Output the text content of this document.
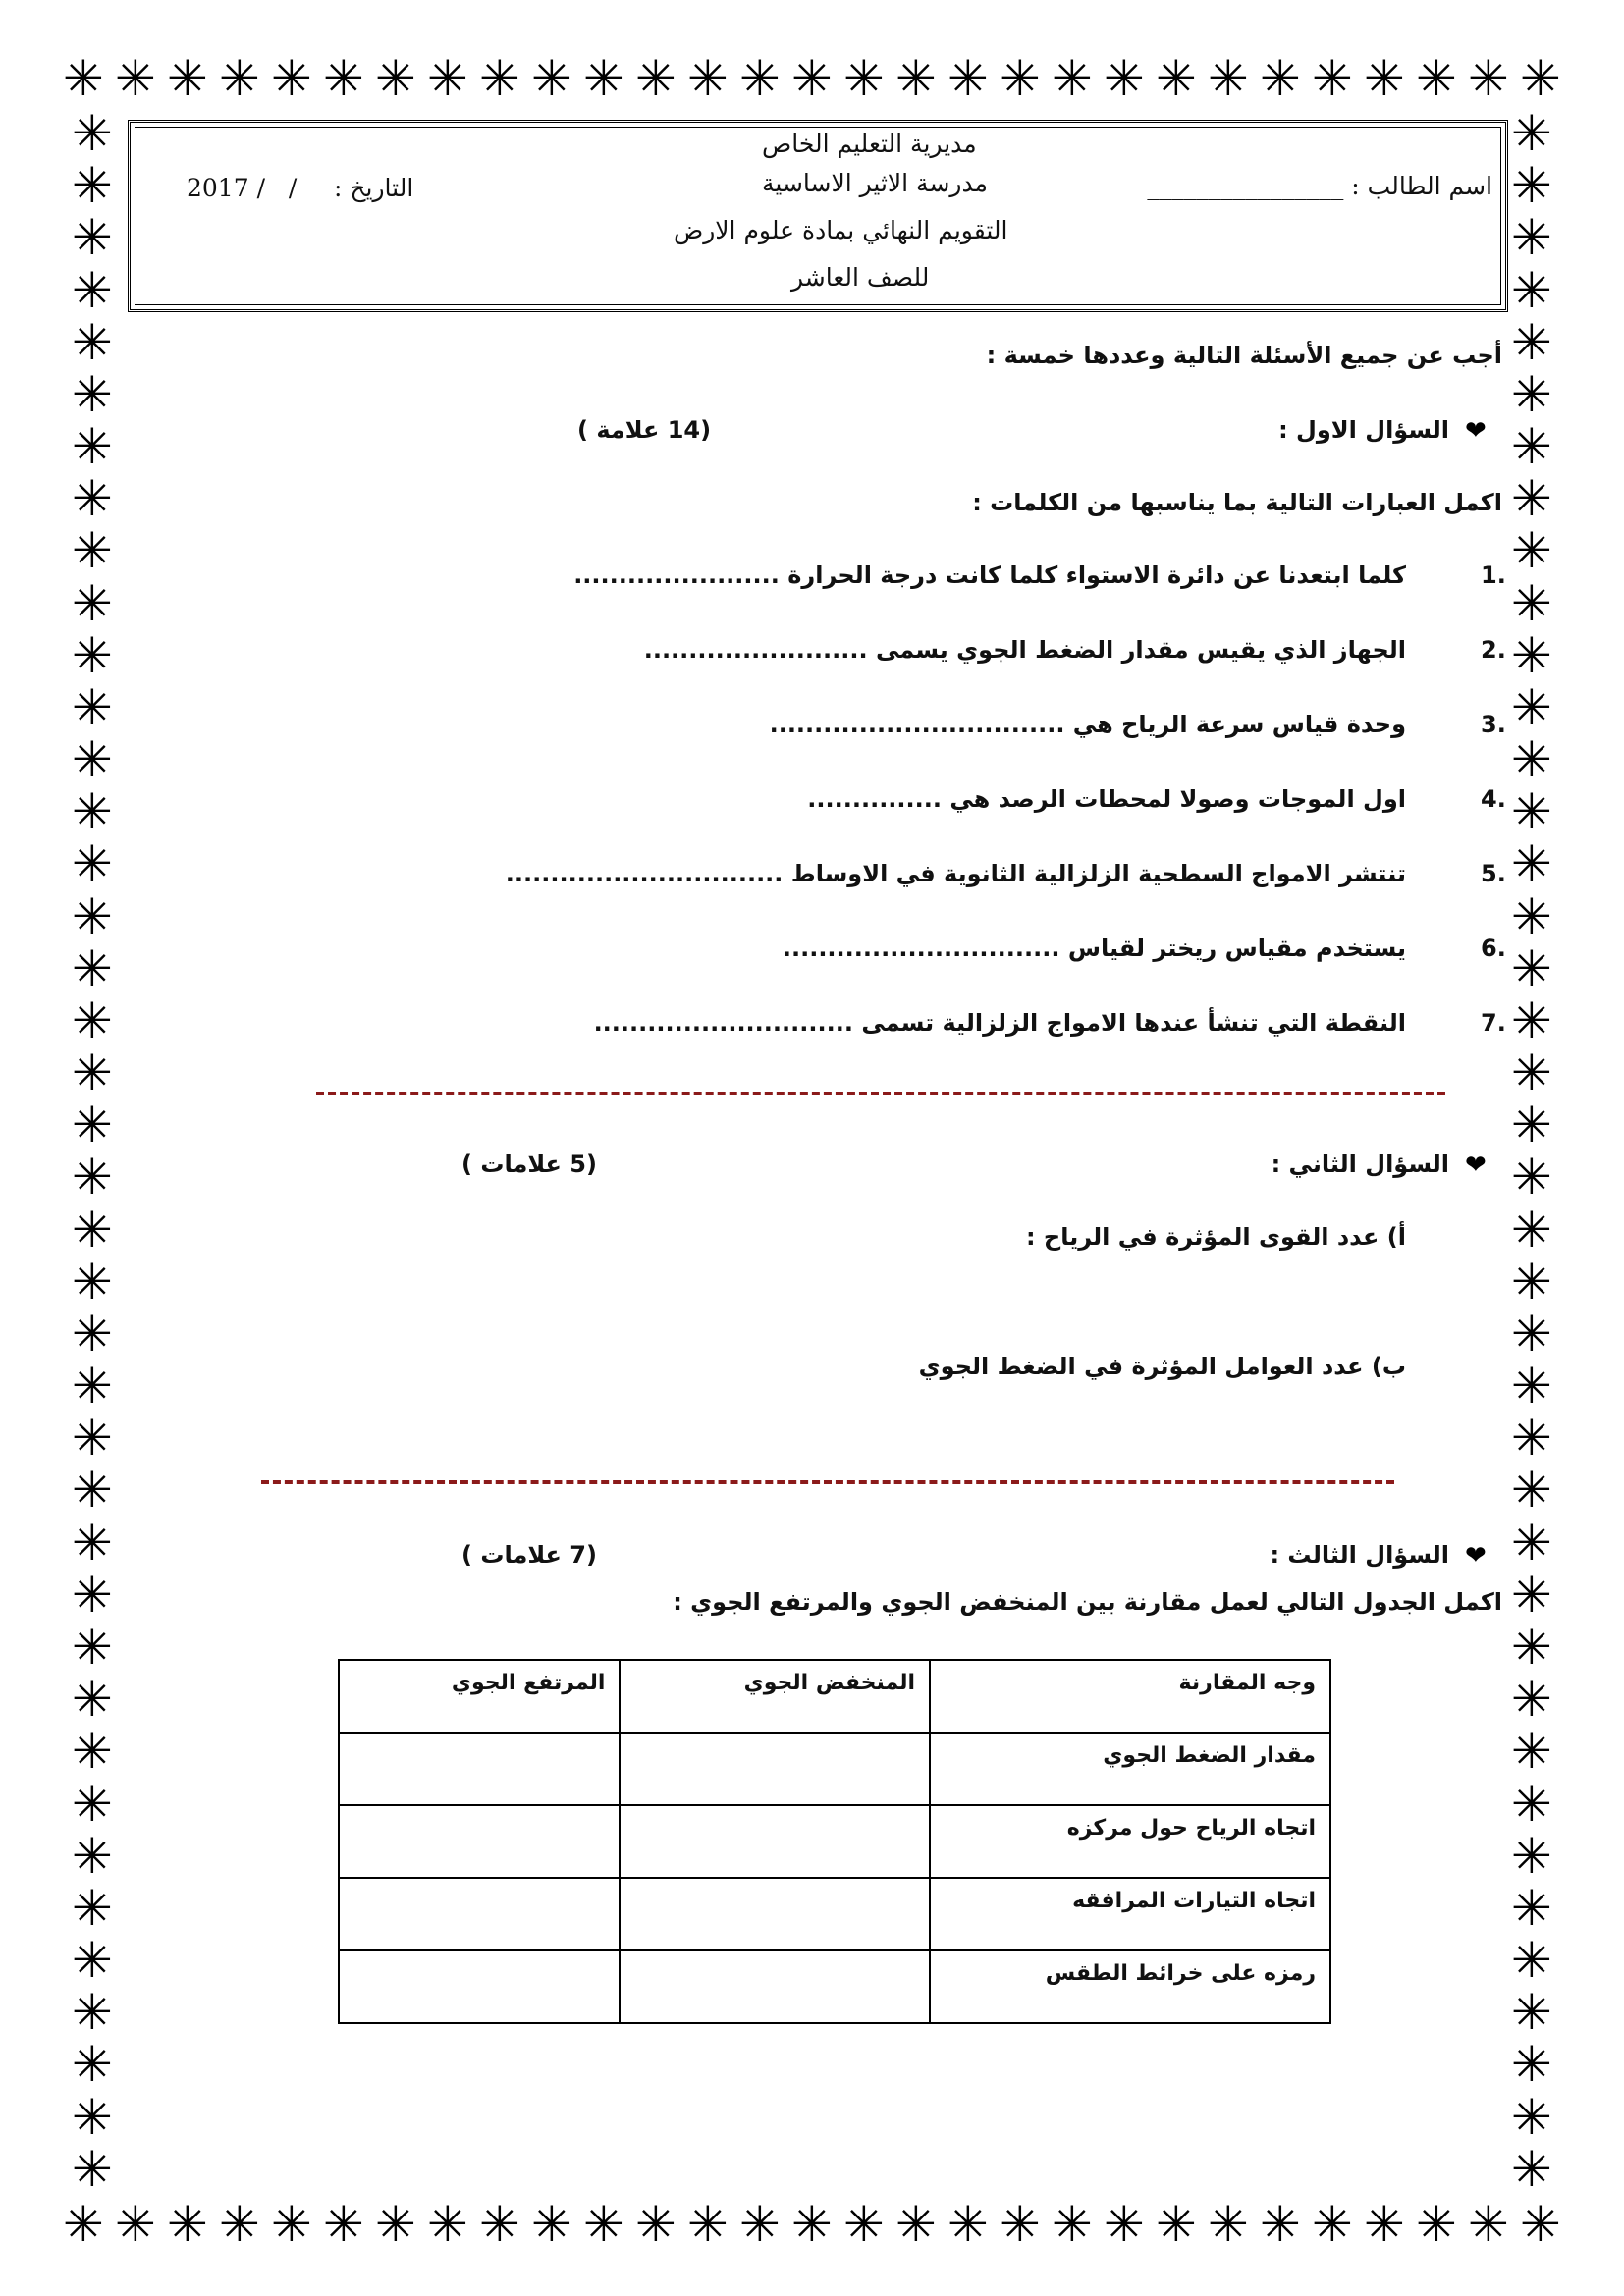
✳ ✳ ✳ ✳ ✳ ✳ ✳ ✳ ✳ ✳ ✳ ✳ ✳ ✳ ✳ ✳ ✳ ✳ ✳ ✳ ✳ ✳ ✳ ✳ ✳ ✳ ✳ ✳ ✳
✳ ✳ ✳ ✳ ✳ ✳ ✳ ✳ ✳ ✳ ✳ ✳ ✳ ✳ ✳ ✳ ✳ ✳ ✳ ✳ ✳ ✳ ✳ ✳ ✳ ✳ ✳ ✳ ✳
✳
✳
✳
✳
✳
✳
✳
✳
✳
✳
✳
✳
✳
✳
✳
✳
✳
✳
✳
✳
✳
✳
✳
✳
✳
✳
✳
✳
✳
✳
✳
✳
✳
✳
✳
✳
✳
✳
✳
✳
✳
✳
✳
✳
✳
✳
✳
✳
✳
✳
✳
✳
✳
✳
✳
✳
✳
✳
✳
✳
✳
✳
✳
✳
✳
✳
✳
✳
✳
✳
✳
✳
✳
✳
✳
✳
✳
✳
✳
✳
مديرية التعليم الخاص
مدرسة الاثير الاساسية
التقويم النهائي بمادة علوم الارض
للصف العاشر
اسم الطالب : ________________
التاريخ :
2017 /   /
أجب عن جميع الأسئلة التالية وعددها خمسة :
❤
السؤال الاول :
(14 علامة )
اكمل العبارات التالية بما يناسبها من الكلمات :
1.
كلما ابتعدنا عن دائرة الاستواء كلما كانت درجة الحرارة .......................
2.
الجهاز الذي يقيس مقدار الضغط الجوي يسمى .........................
3.
وحدة قياس سرعة الرياح هي .................................
4.
اول الموجات وصولا لمحطات الرصد هي ...............
5.
تنتشر الامواج السطحية الزلزالية الثانوية في الاوساط ...............................
6.
يستخدم مقياس ريختر لقياس ...............................
7.
النقطة التي تنشأ عندها الامواج الزلزالية تسمى .............................
❤
السؤال الثاني :
(5 علامات )
أ) عدد القوى المؤثرة في الرياح :
ب) عدد العوامل المؤثرة في الضغط الجوي
❤
السؤال الثالث :
(7 علامات )
اكمل الجدول التالي لعمل مقارنة بين المنخفض الجوي والمرتفع الجوي :
وجه المقارنة	المنخفض الجوي	المرتفع الجوي
مقدار الضغط الجوي		
اتجاه الرياح حول مركزه		
اتجاه التيارات المرافقه		
رمزه على خرائط الطقس		
